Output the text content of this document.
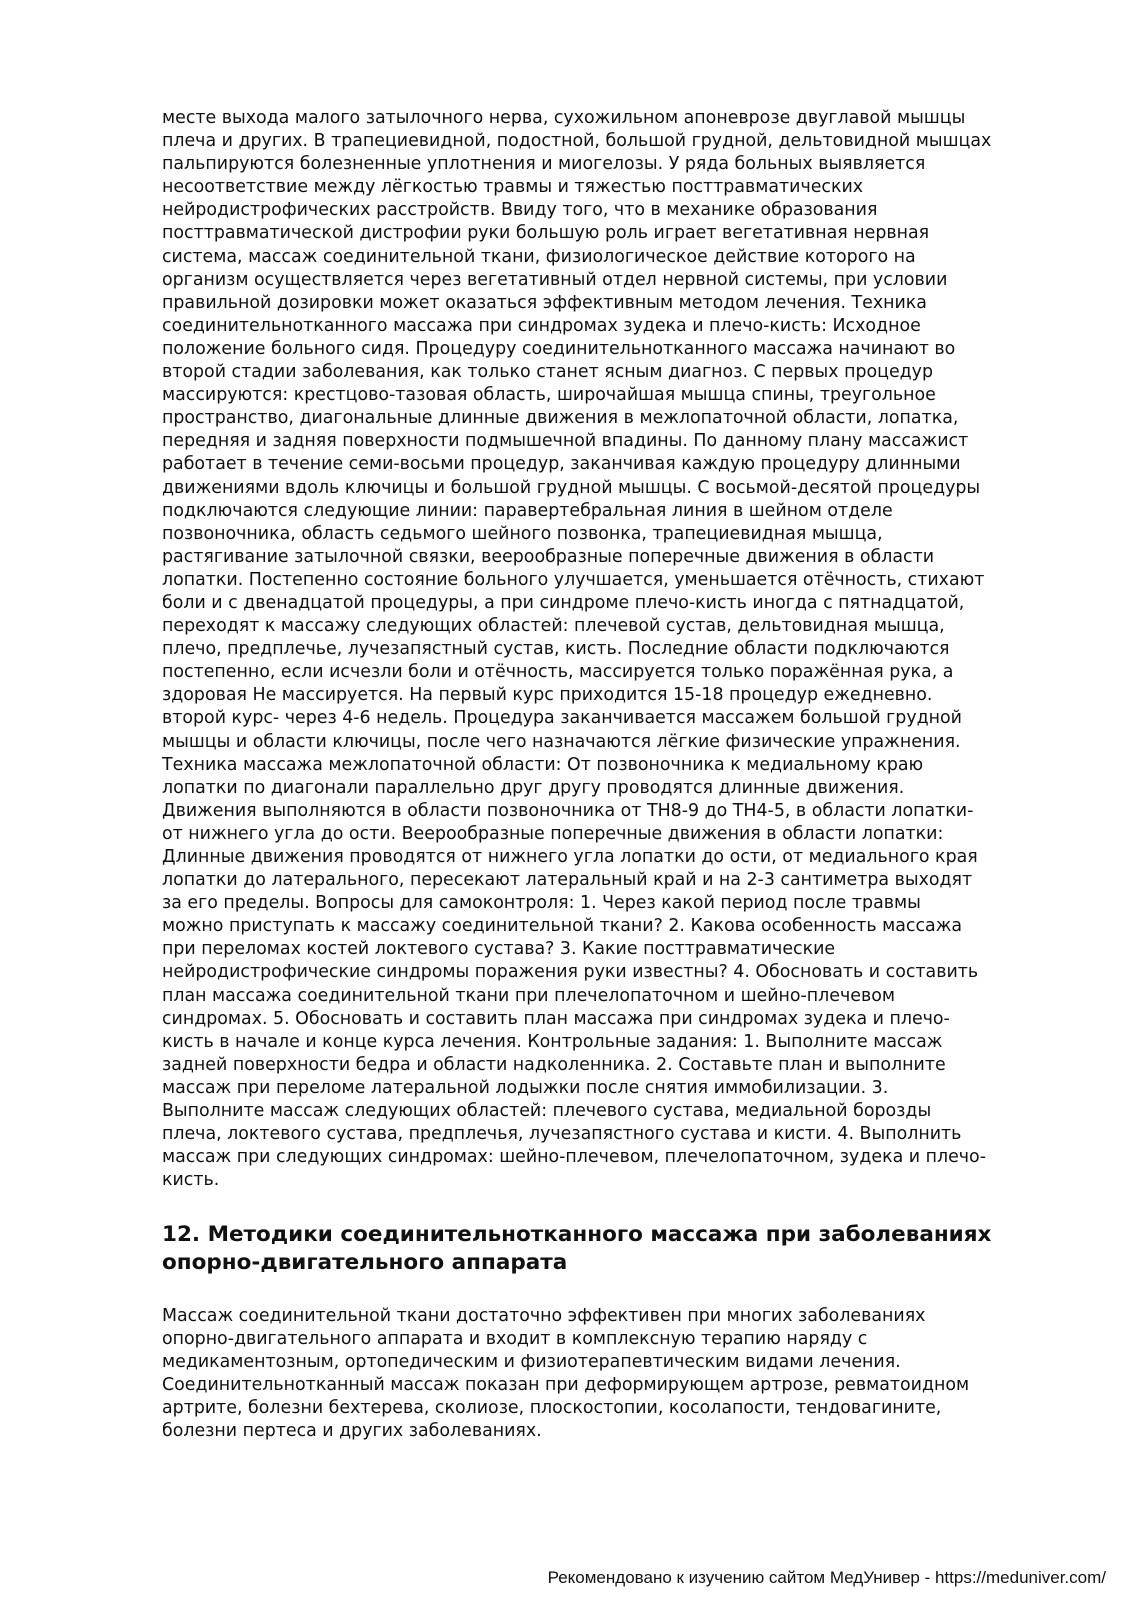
месте выхода малого затылочного нерва, сухожильном апоневрозе двуглавой мышцы
плеча и других. В трапециевидной, подостной, большой грудной, дельтовидной мышцах
пальпируются болезненные уплотнения и миогелозы. У ряда больных выявляется
несоответствие между лёгкостью травмы и тяжестью посттравматических
нейродистрофических расстройств. Ввиду того, что в механике образования
посттравматической дистрофии руки большую роль играет вегетативная нервная
система, массаж соединительной ткани, физиологическое действие которого на
организм осуществляется через вегетативный отдел нервной системы, при условии
правильной дозировки может оказаться эффективным методом лечения. Техника
соединительнотканного массажа при синдромах зудека и плечо-кисть: Исходное
положение больного сидя. Процедуру соединительнотканного массажа начинают во
второй стадии заболевания, как только станет ясным диагноз. С первых процедур
массируются: крестцово-тазовая область, широчайшая мышца спины, треугольное
пространство, диагональные длинные движения в межлопаточной области, лопатка,
передняя и задняя поверхности подмышечной впадины. По данному плану массажист
работает в течение семи-восьми процедур, заканчивая каждую процедуру длинными
движениями вдоль ключицы и большой грудной мышцы. С восьмой-десятой процедуры
подключаются следующие линии: паравертебральная линия в шейном отделе
позвоночника, область седьмого шейного позвонка, трапециевидная мышца,
растягивание затылочной связки, веерообразные поперечные движения в области
лопатки. Постепенно состояние больного улучшается, уменьшается отёчность, стихают
боли и с двенадцатой процедуры, а при синдроме плечо-кисть иногда с пятнадцатой,
переходят к массажу следующих областей: плечевой сустав, дельтовидная мышца,
плечо, предплечье, лучезапястный сустав, кисть. Последние области подключаются
постепенно, если исчезли боли и отёчность, массируется только поражённая рука, а
здоровая Не массируется. На первый курс приходится 15-18 процедур ежедневно.
второй курс- через 4-6 недель. Процедура заканчивается массажем большой грудной
мышцы и области ключицы, после чего назначаются лёгкие физические упражнения.
Техника массажа межлопаточной области: От позвоночника к медиальному краю
лопатки по диагонали параллельно друг другу проводятся длинные движения.
Движения выполняются в области позвоночника от ТН8-9 до ТН4-5, в области лопатки-
от нижнего угла до ости. Веерообразные поперечные движения в области лопатки:
Длинные движения проводятся от нижнего угла лопатки до ости, от медиального края
лопатки до латерального, пересекают латеральный край и на 2-3 сантиметра выходят
за его пределы. Вопросы для самоконтроля: 1. Через какой период после травмы
можно приступать к массажу соединительной ткани? 2. Какова особенность массажа
при переломах костей локтевого сустава? 3. Какие посттравматические
нейродистрофические синдромы поражения руки известны? 4. Обосновать и составить
план массажа соединительной ткани при плечелопаточном и шейно-плечевом
синдромах. 5. Обосновать и составить план массажа при синдромах зудека и плечо-
кисть в начале и конце курса лечения. Контрольные задания: 1. Выполните массаж
задней поверхности бедра и области надколенника. 2. Составьте план и выполните
массаж при переломе латеральной лодыжки после снятия иммобилизации. 3.
Выполните массаж следующих областей: плечевого сустава, медиальной борозды
плеча, локтевого сустава, предплечья, лучезапястного сустава и кисти. 4. Выполнить
массаж при следующих синдромах: шейно-плечевом, плечелопаточном, зудека и плечо-
кисть.

12. Методики соединительнотканного массажа при заболеваниях
опорно-двигательного аппарата

Массаж соединительной ткани достаточно эффективен при многих заболеваниях
опорно-двигательного аппарата и входит в комплексную терапию наряду с
медикаментозным, ортопедическим и физиотерапевтическим видами лечения.
Соединительнотканный массаж показан при деформирующем артрозе, ревматоидном
артрите, болезни бехтерева, сколиозе, плоскостопии, косолапости, тендовагините,
болезни пертеса и других заболеваниях.

Рекомендовано к изучению сайтом МедУнивер - https://meduniver.com/
